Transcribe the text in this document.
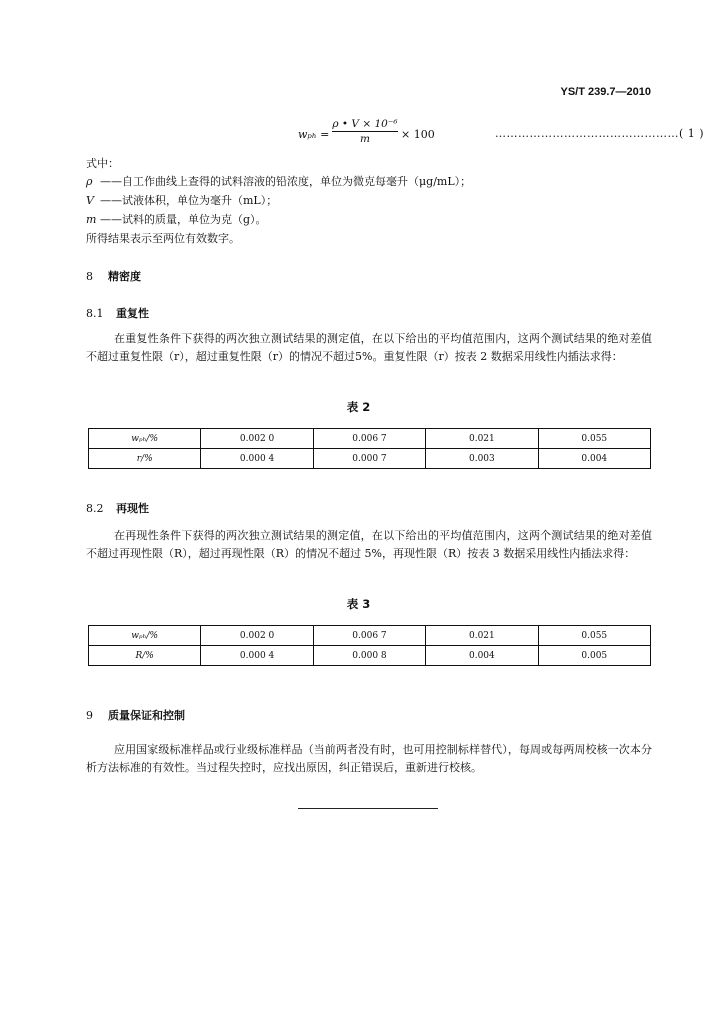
YS/T 239.7—2010
$w_{ph} = \frac{\text{ρ • V × 10⁻⁶}}{m} \times 100$	…………………………………………( 1 )
式中：
ρ ——自工作曲线上查得的试料溶液的铅浓度，单位为微克每毫升（μg/mL）；
V ——试液体积，单位为毫升（mL）；
m ——试料的质量，单位为克（g）。
所得结果表示至两位有效数字。
8 精密度
8.1 重复性
在重复性条件下获得的两次独立测试结果的测定值，在以下给出的平均值范围内，这两个测试结果的绝对差值不超过重复性限（r），超过重复性限（r）的情况不超过5%。重复性限（r）按表 2 数据采用线性内插法求得：
表 2
wₚₕ/%	0.002 0	0.006 7	0.021	0.055
r/%	0.000 4	0.000 7	0.003	0.004
8.2 再现性
在再现性条件下获得的两次独立测试结果的测定值，在以下给出的平均值范围内，这两个测试结果的绝对差值不超过再现性限（R），超过再现性限（R）的情况不超过 5%，再现性限（R）按表 3 数据采用线性内插法求得：
表 3
wₚₕ/%	0.002 0	0.006 7	0.021	0.055
R/%	0.000 4	0.000 8	0.004	0.005
9 质量保证和控制
应用国家级标准样品或行业级标准样品（当前两者没有时，也可用控制标样替代），每周或每两周校核一次本分析方法标准的有效性。当过程失控时，应找出原因，纠正错误后，重新进行校核。
